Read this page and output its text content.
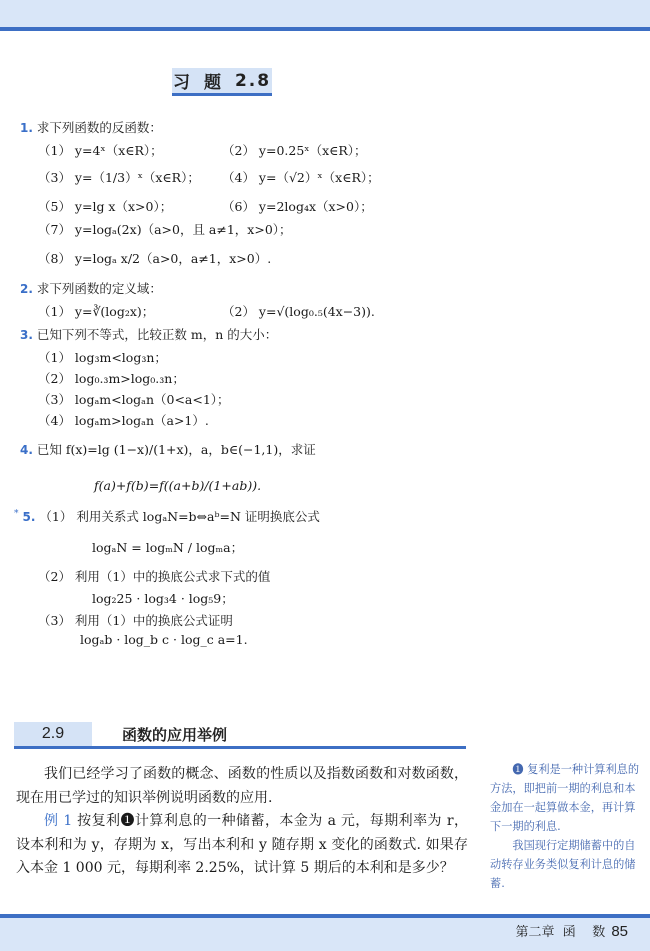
习 题 2.8
1. 求下列函数的反函数：
（1） y=4ˣ（x∈R）；	（2） y=0.25ˣ（x∈R）；
（3） y=（1/3）ˣ（x∈R）； （4） y=（√2）ˣ（x∈R）；
（5） y=lg x（x>0）；	（6） y=2log₄x（x>0）；
（7） y=logₐ(2x)（a>0，且 a≠1，x>0）；
（8） y=logₐ x/2（a>0，a≠1，x>0）.
2. 求下列函数的定义域：
（1） y=∛(log₂x)；	（2） y=√(log₀.₅(4x−3)).
3. 已知下列不等式，比较正数 m，n 的大小：
（1） log₃m<log₃n；
（2） log₀.₃m>log₀.₃n；
（3） logₐm<logₐn（0<a<1）；
（4） logₐm>logₐn（a>1）.
4. 已知 f(x)=lg (1−x)/(1+x)，a，b∈(−1,1)，求证
f(a)+f(b)=f((a+b)/(1+ab)).
* 5. （1） 利用关系式 logₐN=b⇔aᵇ=N 证明换底公式
logₐN = logₘN / logₘa；
（2） 利用（1）中的换底公式求下式的值
log₂25 · log₃4 · log₅9；
（3） 利用（1）中的换底公式证明
logₐb · log_b c · log_c a=1.
2.9	函数的应用举例
我们已经学习了函数的概念、函数的性质以及指数函数和对数函数，现在用已学过的知识举例说明函数的应用.
例 1 按复利❶计算利息的一种储蓄，本金为 a 元，每期利率为 r，设本利和为 y，存期为 x，写出本利和 y 随存期 x 变化的函数式. 如果存入本金 1 000 元，每期利率 2.25%，试计算 5 期后的本利和是多少？

❶ 复利是一种计算利息的方法，即把前一期的利息和本金加在一起算做本金，再计算下一期的利息.

我国现行定期储蓄中的自动转存业务类似复利计息的储蓄.

第二章  函    数 85
